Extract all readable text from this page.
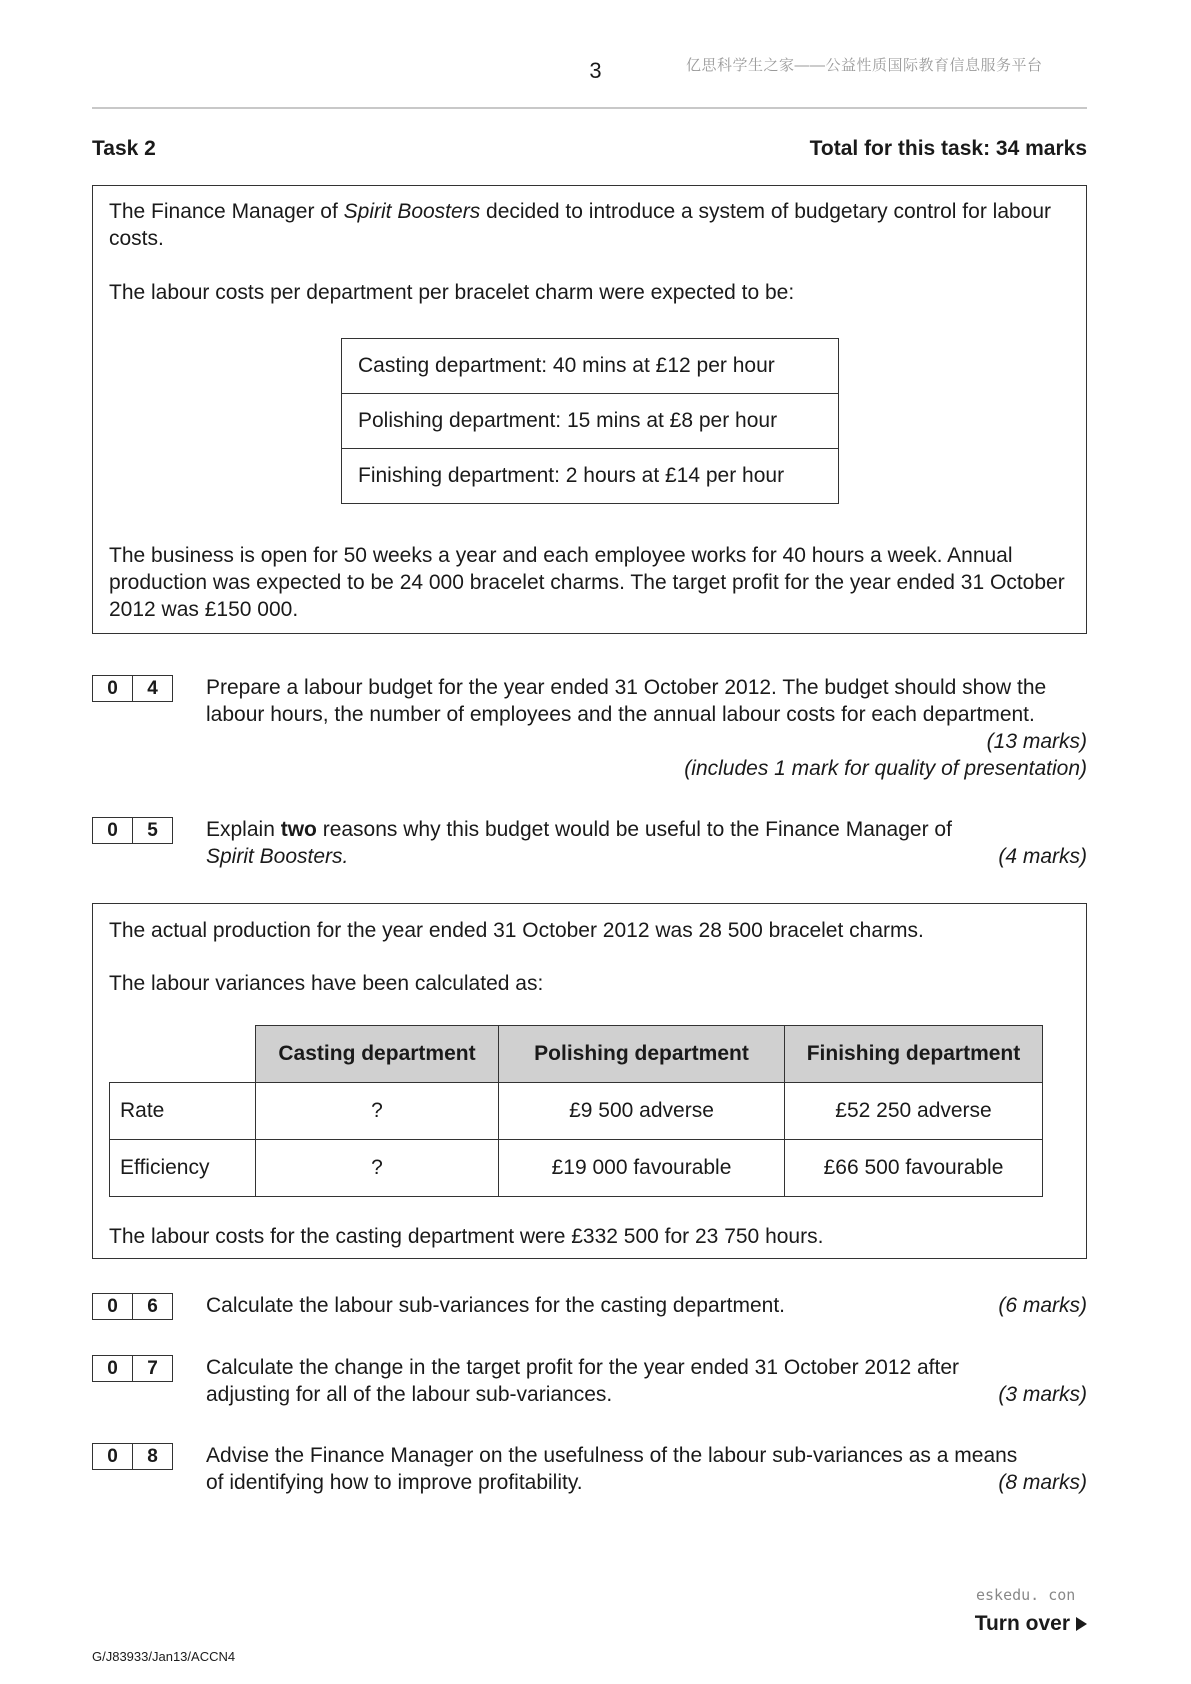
3	亿思科学生之家——公益性质国际教育信息服务平台
Task 2	Total for this task: 34 marks

The Finance Manager of Spirit Boosters decided to introduce a system of budgetary control for labour costs.

The labour costs per department per bracelet charm were expected to be:

Casting department: 40 mins at £12 per hour
Polishing department: 15 mins at £8 per hour
Finishing department: 2 hours at £14 per hour

The business is open for 50 weeks a year and each employee works for 40 hours a week. Annual production was expected to be 24 000 bracelet charms. The target profit for the year ended 31 October 2012 was £150 000.

0	4	Prepare a labour budget for the year ended 31 October 2012. The budget should show the labour hours, the number of employees and the annual labour costs for each department.
(13 marks)
(includes 1 mark for quality of presentation)
0	5	Explain two reasons why this budget would be useful to the Finance Manager of
Spirit Boosters.	(4 marks)

The actual production for the year ended 31 October 2012 was 28 500 bracelet charms.

The labour variances have been calculated as:

	Casting department	Polishing department	Finishing department
Rate	?	£9 500 adverse	£52 250 adverse
Efficiency	?	£19 000 favourable	£66 500 favourable

The labour costs for the casting department were £332 500 for 23 750 hours.

0	6	Calculate the labour sub-variances for the casting department.	(6 marks)
0	7	Calculate the change in the target profit for the year ended 31 October 2012 after
adjusting for all of the labour sub-variances.	(3 marks)
0	8	Advise the Finance Manager on the usefulness of the labour sub-variances as a means
of identifying how to improve profitability.	(8 marks)
eskedu. con
Turn over
G/J83933/Jan13/ACCN4
